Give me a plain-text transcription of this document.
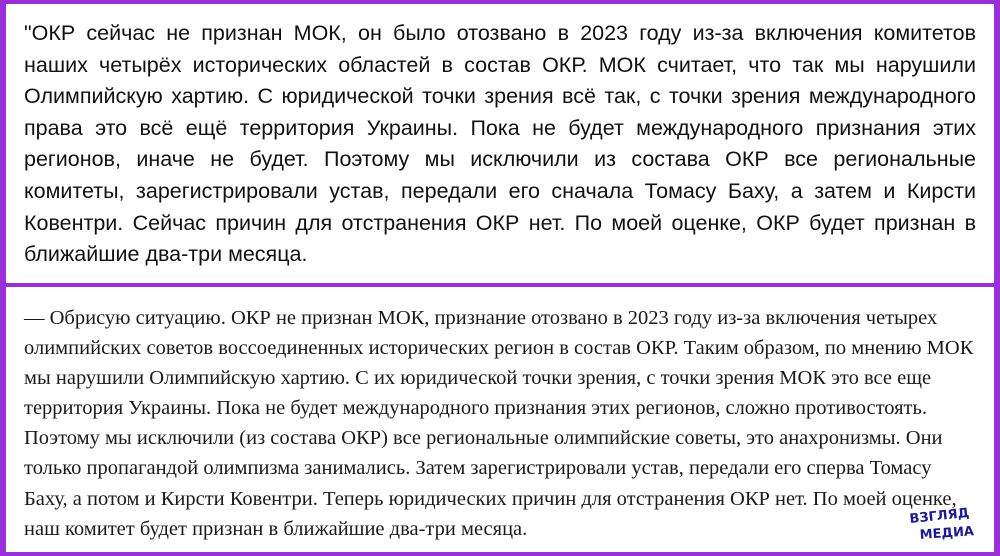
"ОКР сейчас не признан МОК, он было отозвано в 2023 году из-за включения комитетов наших четырёх исторических областей в состав ОКР. МОК считает, что так мы нарушили Олимпийскую хартию. С юридической точки зрения всё так, с точки зрения международного права это всё ещё территория Украины. Пока не будет международного признания этих регионов, иначе не будет. Поэтому мы исключили из состава ОКР все региональные комитеты, зарегистрировали устав, передали его сначала Томасу Баху, а затем и Кирсти Ковентри. Сейчас причин для отстранения ОКР нет. По моей оценке, ОКР будет признан в ближайшие два-три месяца.

— Обрисую ситуацию. ОКР не признан МОК, признание отозвано в 2023 году из-за включения четырех олимпийских советов воссоединенных исторических регион в состав ОКР. Таким образом, по мнению МОК мы нарушили Олимпийскую хартию. С их юридической точки зрения, с точки зрения МОК это все еще территория Украины. Пока не будет международного признания этих регионов, сложно противостоять. Поэтому мы исключили (из состава ОКР) все региональные олимпийские советы, это анахронизмы. Они только пропагандой олимпизма занимались. Затем зарегистрировали устав, передали его сперва Томасу Баху, а потом и Кирсти Ковентри. Теперь юридических причин для отстранения ОКР нет. По моей оценке, наш комитет будет признан в ближайшие два-три месяца.

ВЗГЛЯД
МЕДИА
